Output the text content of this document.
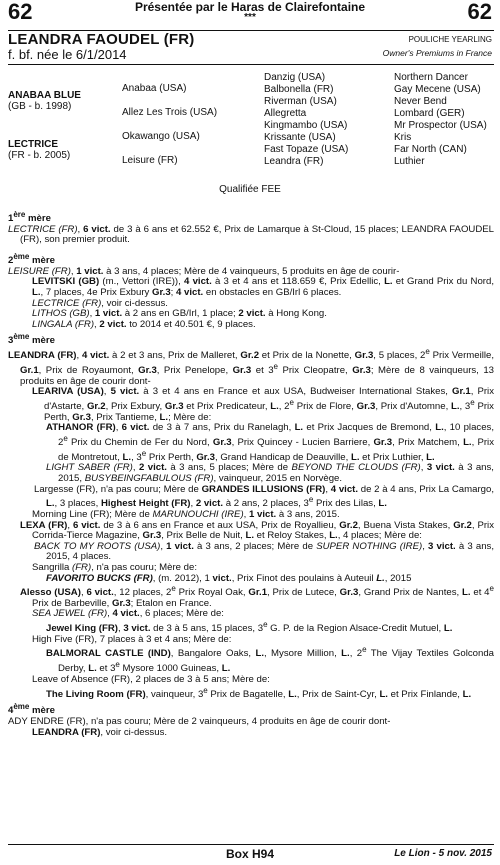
62	62
Présentée par le Haras de Clairefontaine
***
LEANDRA FAOUDEL (FR)
f. bf. née le 6/1/2014
POULICHE YEARLING
Owner's Premiums in France
ANABAA BLUE
(GB - b. 1998)
LECTRICE
(FR - b. 2005)
Anabaa (USA)
Allez Les Trois (USA)
Okawango (USA)
Leisure (FR)
Danzig (USA)
Balbonella (FR)
Riverman (USA)
Allegretta
Kingmambo (USA)
Krissante (USA)
Fast Topaze (USA)
Leandra (FR)
Northern Dancer
Gay Mecene (USA)
Never Bend
Lombard (GER)
Mr Prospector (USA)
Kris
Far North (CAN)
Luthier
Qualifiée FEE

1ère mère

LECTRICE (FR), 6 vict. de 3 à 6 ans et 62.552 €, Prix de Lamarque à St-Cloud, 15 places; LEANDRA FAOUDEL (FR), son premier produit.

2ème mère

LEISURE (FR), 1 vict. à 3 ans, 4 places; Mère de 4 vainqueurs, 5 produits en âge de courir-

LEVITSKI (GB) (m., Vettori (IRE)), 4 vict. à 3 et 4 ans et 118.659 €, Prix Edellic, L. et Grand Prix du Nord, L., 7 places, 4e Prix Exbury Gr.3; 4 vict. en obstacles en GB/Irl 6 places.

LECTRICE (FR), voir ci-dessus.

LITHOS (GB), 1 vict. à 2 ans en GB/Irl, 1 place; 2 vict. à Hong Kong.

LINGALA (FR), 2 vict. to 2014 et 40.501 €, 9 places.

3ème mère

LEANDRA (FR), 4 vict. à 2 et 3 ans, Prix de Malleret, Gr.2 et Prix de la Nonette, Gr.3, 5 places, 2e Prix Vermeille, Gr.1, Prix de Royaumont, Gr.3, Prix Penelope, Gr.3 et 3e Prix Cleopatre, Gr.3; Mère de 8 vainqueurs, 13 produits en âge de courir dont-

LEARIVA (USA), 5 vict. à 3 et 4 ans en France et aux USA, Budweiser International Stakes, Gr.1, Prix d'Astarte, Gr.2, Prix Exbury, Gr.3 et Prix Predicateur, L., 2e Prix de Flore, Gr.3, Prix d'Automne, L., 3e Prix Perth, Gr.3, Prix Tantieme, L.; Mère de:

ATHANOR (FR), 6 vict. de 3 à 7 ans, Prix du Ranelagh, L. et Prix Jacques de Bremond, L., 10 places, 2e Prix du Chemin de Fer du Nord, Gr.3, Prix Quincey - Lucien Barriere, Gr.3, Prix Matchem, L., Prix de Montretout, L., 3e Prix Perth, Gr.3, Grand Handicap de Deauville, L. et Prix Luthier, L.

LIGHT SABER (FR), 2 vict. à 3 ans, 5 places; Mère de BEYOND THE CLOUDS (FR), 3 vict. à 3 ans, 2015, BUSYBEINGFABULOUS (FR), vainqueur, 2015 en Norvège.

Largesse (FR), n'a pas couru; Mère de GRANDES ILLUSIONS (FR), 4 vict. de 2 à 4 ans, Prix La Camargo, L., 3 places, Highest Height (FR), 2 vict. à 2 ans, 2 places, 3e Prix des Lilas, L.

Morning Line (FR); Mère de MARUNOUCHI (IRE), 1 vict. à 3 ans, 2015.

LEXA (FR), 6 vict. de 3 à 6 ans en France et aux USA, Prix de Royallieu, Gr.2, Buena Vista Stakes, Gr.2, Prix Corrida-Tierce Magazine, Gr.3, Prix Belle de Nuit, L. et Reloy Stakes, L., 4 places; Mère de:

BACK TO MY ROOTS (USA), 1 vict. à 3 ans, 2 places; Mère de SUPER NOTHING (IRE), 3 vict. à 3 ans, 2015, 4 places.

Sangrilla (FR), n'a pas couru; Mère de:

FAVORITO BUCKS (FR), (m. 2012), 1 vict., Prix Finot des poulains à Auteuil L., 2015

Alesso (USA), 6 vict., 12 places, 2e Prix Royal Oak, Gr.1, Prix de Lutece, Gr.3, Grand Prix de Nantes, L. et 4e Prix de Barbeville, Gr.3; Etalon en France.

SEA JEWEL (FR), 4 vict., 6 places; Mère de:

Jewel King (FR), 3 vict. de 3 à 5 ans, 15 places, 3e G. P. de la Region Alsace-Credit Mutuel, L.

High Five (FR), 7 places à 3 et 4 ans; Mère de:

BALMORAL CASTLE (IND), Bangalore Oaks, L., Mysore Million, L., 2e The Vijay Textiles Golconda Derby, L. et 3e Mysore 1000 Guineas, L.

Leave of Absence (FR), 2 places de 3 à 5 ans; Mère de:

The Living Room (FR), vainqueur, 3e Prix de Bagatelle, L., Prix de Saint-Cyr, L. et Prix Finlande, L.

4ème mère

ADY ENDRE (FR), n'a pas couru; Mère de 2 vainqueurs, 4 produits en âge de courir dont-

LEANDRA (FR), voir ci-dessus.

Box H94	Le Lion - 5 nov. 2015
